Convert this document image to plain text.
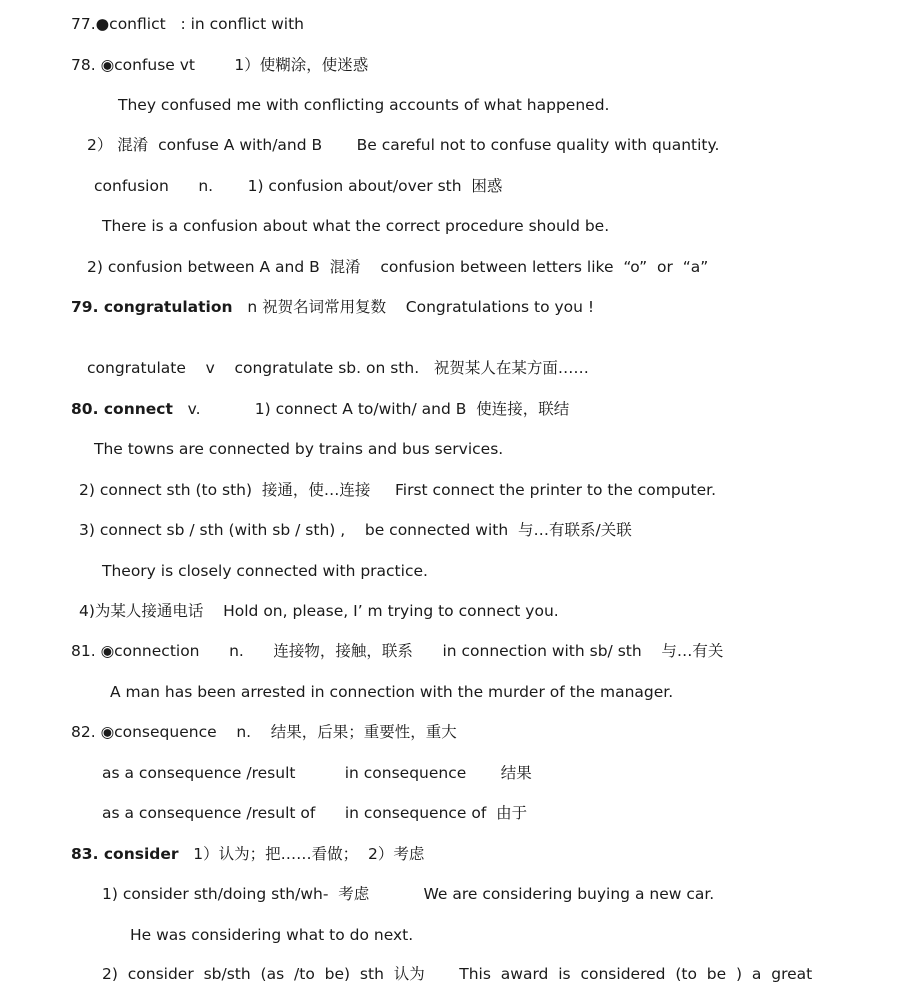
77.●conflict   : in conflict with
78. ◉confuse vt        1）使糊涂，使迷惑
They confused me with conflicting accounts of what happened.
2） 混淆  confuse A with/and B       Be careful not to confuse quality with quantity.
confusion      n.       1) confusion about/over sth  困惑
There is a confusion about what the correct procedure should be.
2) confusion between A and B  混淆    confusion between letters like  “o”  or  “a”
79. congratulation   n 祝贺名词常用复数    Congratulations to you !
congratulate    v    congratulate sb. on sth.   祝贺某人在某方面……
80. connect   v.           1) connect A to/with/ and B  使连接，联结
The towns are connected by trains and bus services.
2) connect sth (to sth)  接通，使…连接     First connect the printer to the computer.
3) connect sb / sth (with sb / sth) ,    be connected with  与…有联系/关联
Theory is closely connected with practice.
4)为某人接通电话    Hold on, please, I’ m trying to connect you.
81. ◉connection      n.      连接物，接触，联系      in connection with sb/ sth    与…有关
A man has been arrested in connection with the murder of the manager.
82. ◉consequence    n.    结果，后果；重要性，重大
as a consequence /result          in consequence       结果
as a consequence /result of      in consequence of  由于
83. consider   1）认为；把……看做；  2）考虑
1) consider sth/doing sth/wh-  考虑           We are considering buying a new car.
He was considering what to do next.
2)  consider  sb/sth  (as  /to  be)  sth  认为       This  award  is  considered  (to  be  )  a  great
